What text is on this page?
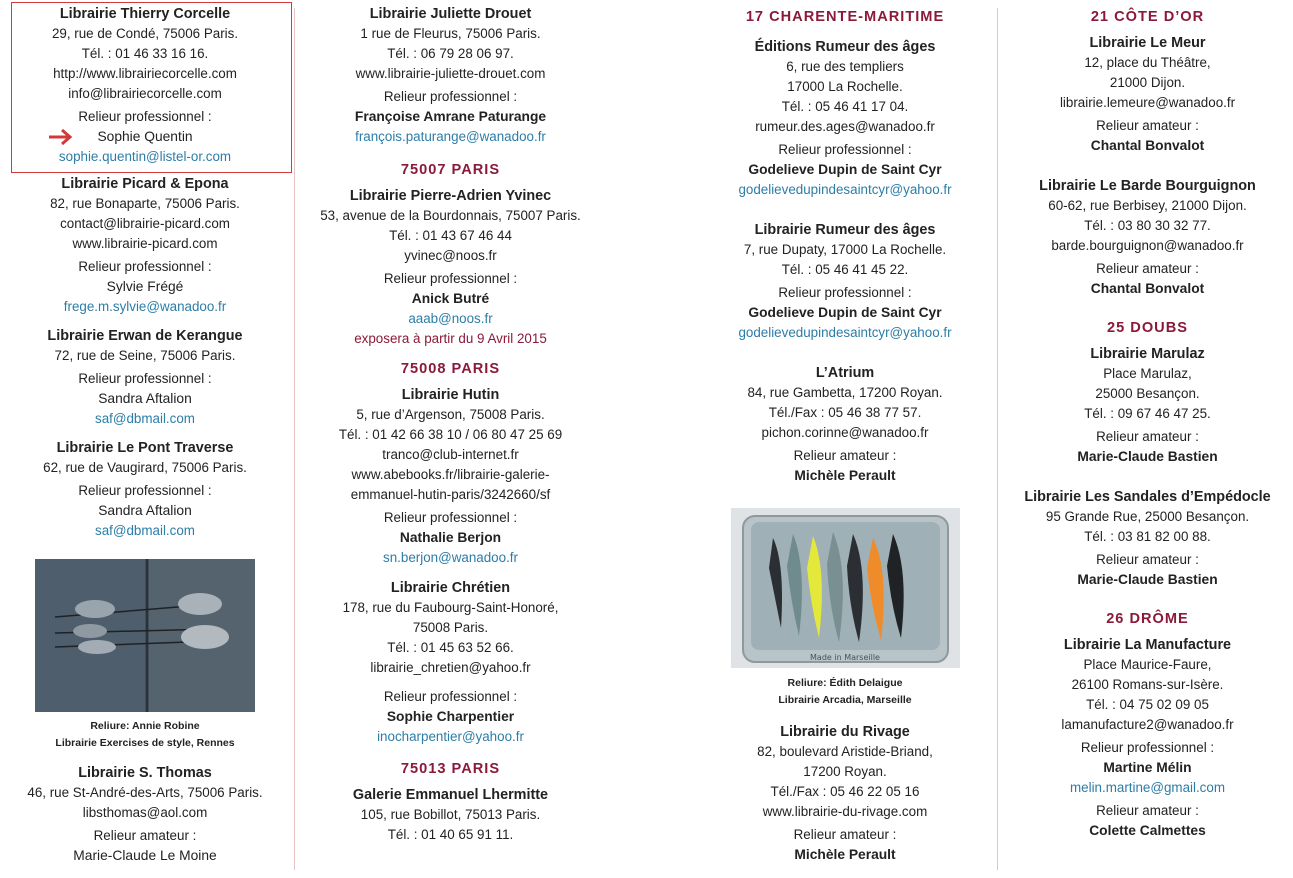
Librairie Thierry Corcelle
29, rue de Condé, 75006 Paris.
Tél. : 01 46 33 16 16.
http://www.librairiecorcelle.com
info@librairiecorcelle.com
Relieur professionnel :
Sophie Quentin
sophie.quentin@listel-or.com
Librairie Picard & Epona
82, rue Bonaparte, 75006 Paris.
contact@librairie-picard.com
www.librairie-picard.com
Relieur professionnel :
Sylvie Frégé
frege.m.sylvie@wanadoo.fr
Librairie Erwan de Kerangue
72, rue de Seine, 75006 Paris.
Relieur professionnel :
Sandra Aftalion
saf@dbmail.com
Librairie Le Pont Traverse
62, rue de Vaugirard, 75006 Paris.
Relieur professionnel :
Sandra Aftalion
saf@dbmail.com
Reliure: Annie Robine
Librairie Exercises de style, Rennes
Librairie S. Thomas
46, rue St-André-des-Arts, 75006 Paris.
libsthomas@aol.com
Relieur amateur :
Marie-Claude Le Moine
Librairie Juliette Drouet
1 rue de Fleurus, 75006 Paris.
Tél. : 06 79 28 06 97.
www.librairie-juliette-drouet.com
Relieur professionnel :
Françoise Amrane Paturange
françois.paturange@wanadoo.fr
75007 PARIS
Librairie Pierre-Adrien Yvinec
53, avenue de la Bourdonnais, 75007 Paris.
Tél. : 01 43 67 46 44
yvinec@noos.fr
Relieur professionnel :
Anick Butré
aaab@noos.fr
exposera à partir du 9 Avril 2015
75008 PARIS
Librairie Hutin
5, rue d’Argenson, 75008 Paris.
Tél. : 01 42 66 38 10 / 06 80 47 25 69
tranco@club-internet.fr
www.abebooks.fr/librairie-galerie-
emmanuel-hutin-paris/3242660/sf
Relieur professionnel :
Nathalie Berjon
sn.berjon@wanadoo.fr
Librairie Chrétien
178, rue du Faubourg-Saint-Honoré,
75008 Paris.
Tél. : 01 45 63 52 66.
librairie_chretien@yahoo.fr
Relieur professionnel :
Sophie Charpentier
inocharpentier@yahoo.fr
75013 PARIS
Galerie Emmanuel Lhermitte
105, rue Bobillot, 75013 Paris.
Tél. : 01 40 65 91 11.
17 CHARENTE-MARITIME
Éditions Rumeur des âges
6, rue des templiers
17000 La Rochelle.
Tél. : 05 46 41 17 04.
rumeur.des.ages@wanadoo.fr
Relieur professionnel :
Godelieve Dupin de Saint Cyr
godelievedupindesaintcyr@yahoo.fr
Librairie Rumeur des âges
7, rue Dupaty, 17000 La Rochelle.
Tél. : 05 46 41 45 22.
Relieur professionnel :
Godelieve Dupin de Saint Cyr
godelievedupindesaintcyr@yahoo.fr
L’Atrium
84, rue Gambetta, 17200 Royan.
Tél./Fax : 05 46 38 77 57.
pichon.corinne@wanadoo.fr
Relieur amateur :
Michèle Perault
Made in Marseille
Reliure: Édith Delaigue
Librairie Arcadia, Marseille
Librairie du Rivage
82, boulevard Aristide-Briand,
17200 Royan.
Tél./Fax : 05 46 22 05 16
www.librairie-du-rivage.com
Relieur amateur :
Michèle Perault
21 CÔTE D’OR
Librairie Le Meur
12, place du Théâtre,
21000 Dijon.
librairie.lemeure@wanadoo.fr
Relieur amateur :
Chantal Bonvalot
Librairie Le Barde Bourguignon
60-62, rue Berbisey, 21000 Dijon.
Tél. : 03 80 30 32 77.
barde.bourguignon@wanadoo.fr
Relieur amateur :
Chantal Bonvalot
25 DOUBS
Librairie Marulaz
Place Marulaz,
25000 Besançon.
Tél. : 09 67 46 47 25.
Relieur amateur :
Marie-Claude Bastien
Librairie Les Sandales d’Empédocle
95 Grande Rue, 25000 Besançon.
Tél. : 03 81 82 00 88.
Relieur amateur :
Marie-Claude Bastien
26 DRÔME
Librairie La Manufacture
Place Maurice-Faure,
26100 Romans-sur-Isère.
Tél. : 04 75 02 09 05
lamanufacture2@wanadoo.fr
Relieur professionnel :
Martine Mélin
melin.martine@gmail.com
Relieur amateur :
Colette Calmettes
